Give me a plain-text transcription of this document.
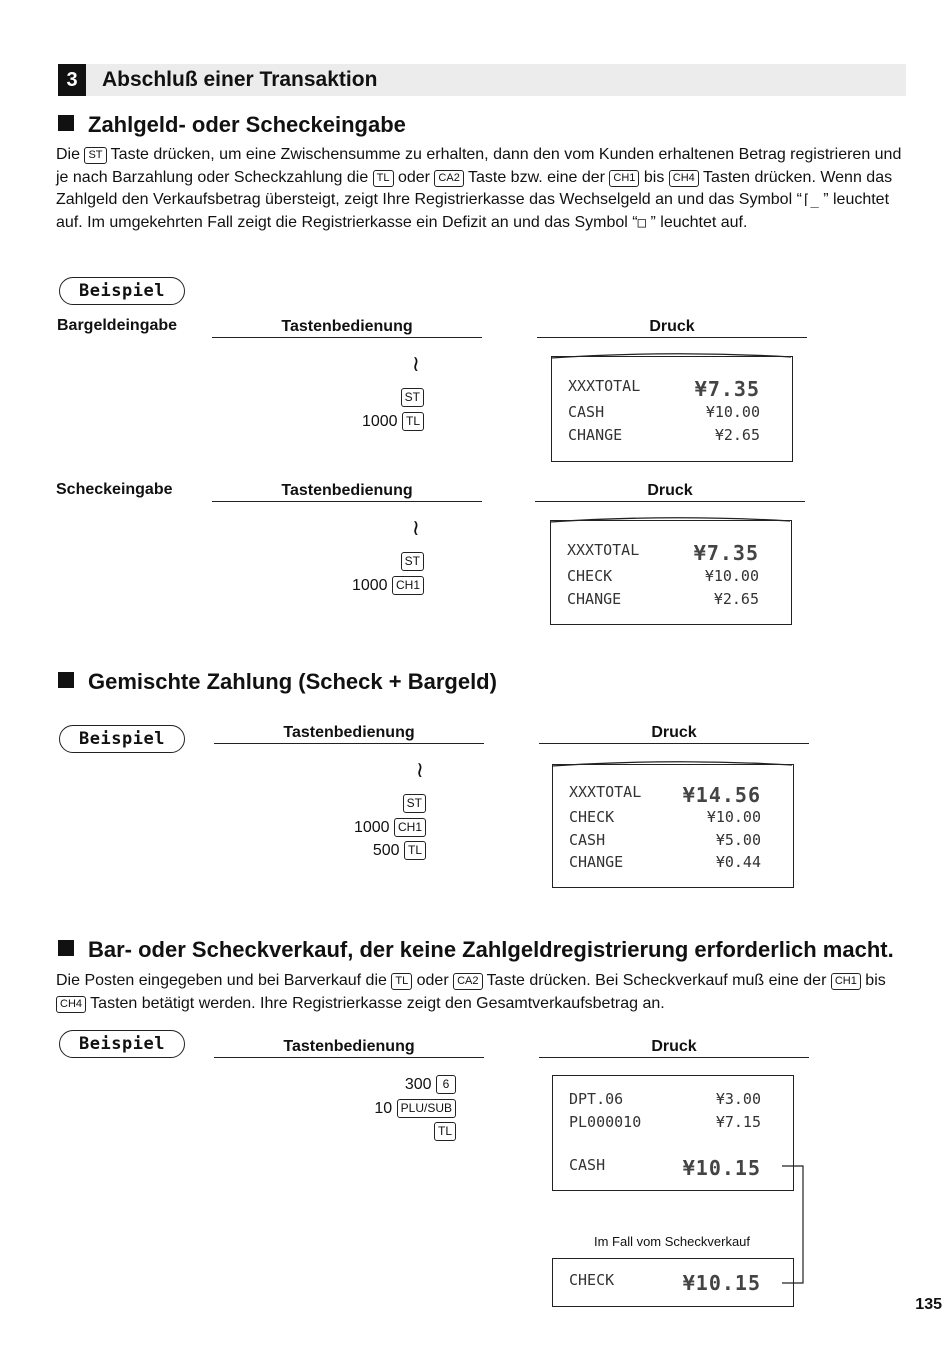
3	Abschluß einer Transaktion
Zahlgeld- oder Scheckeingabe
Die ST Taste drücken, um eine Zwischensumme zu erhalten, dann den vom Kunden erhaltenen Betrag registrieren und je nach Barzahlung oder Scheckzahlung die TL oder CA2 Taste bzw. eine der CH1 bis CH4 Tasten drücken. Wenn das Zahlgeld den Verkaufsbetrag übersteigt, zeigt Ihre Registrierkasse das Wechselgeld an und das Symbol “⌈_ ” leuchtet auf. Im umgekehrten Fall zeigt die Registrierkasse ein Defizit an und das Symbol “□ ” leuchtet auf.
Beispiel
Bargeldeingabe	Tastenbedienung	Druck
≀
ST
1000 TL
XXXTOTAL	¥7.35
CASH	¥10.00
CHANGE	¥2.65
Scheckeingabe	Tastenbedienung	Druck
≀
ST
1000 CH1
XXXTOTAL	¥7.35
CHECK	¥10.00
CHANGE	¥2.65
Gemischte Zahlung (Scheck + Bargeld)
Beispiel	Tastenbedienung	Druck
≀
ST
1000 CH1
500 TL
XXXTOTAL ¥14.56
CHECK	¥10.00
CASH	¥5.00
CHANGE	¥0.44
Bar- oder Scheckverkauf, der keine Zahlgeldregistrierung erforderlich macht.
Die Posten eingegeben und bei Barverkauf die TL oder CA2 Taste drücken. Bei Scheckverkauf muß eine der CH1 bis CH4 Tasten betätigt werden. Ihre Registrierkasse zeigt den Gesamtverkaufsbetrag an.
Beispiel	Tastenbedienung	Druck
300 6
10 PLU/SUB
TL
DPT.06	¥3.00
PL000010	¥7.15
CASH	¥10.15
Im Fall vom Scheckverkauf
CHECK	¥10.15
135
